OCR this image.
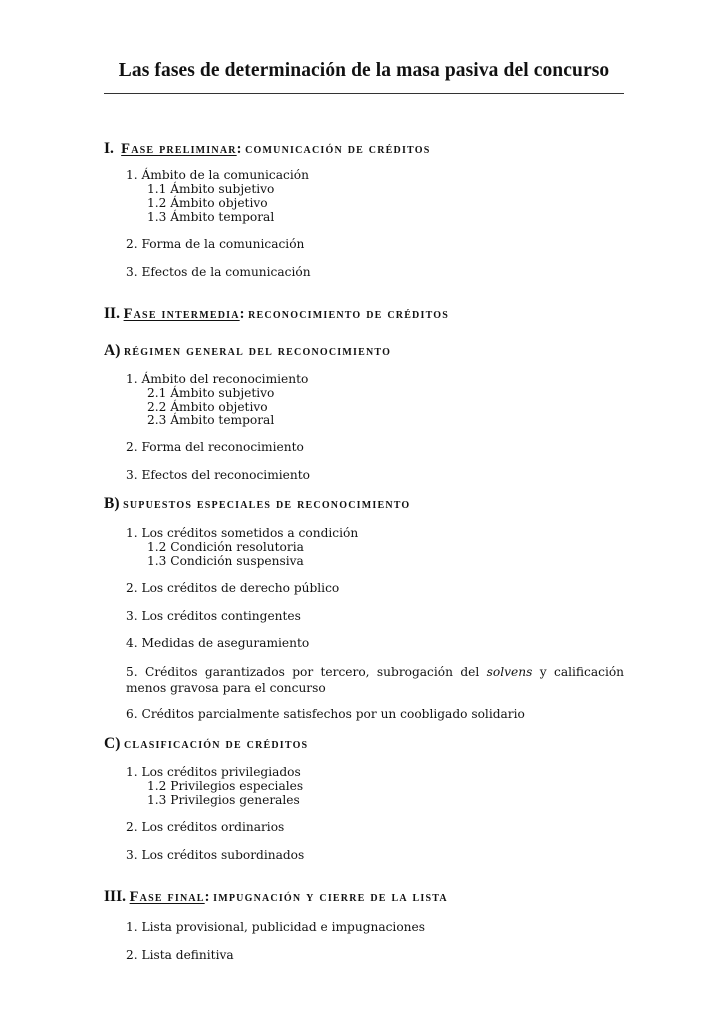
Las fases de determinación de la masa pasiva del concurso
I. Fase preliminar: comunicación de créditos
1. Ámbito de la comunicación
1.1 Ámbito subjetivo
1.2 Ámbito objetivo
1.3 Ámbito temporal
2. Forma de la comunicación
3. Efectos de la comunicación
II. Fase intermedia: reconocimiento de créditos
A) régimen general del reconocimiento
1. Ámbito del reconocimiento
2.1 Ámbito subjetivo
2.2 Ámbito objetivo
2.3 Ámbito temporal
2. Forma del reconocimiento
3. Efectos del reconocimiento
B) supuestos especiales de reconocimiento
1. Los créditos sometidos a condición
1.2 Condición resolutoria
1.3 Condición suspensiva
2. Los créditos de derecho público
3. Los créditos contingentes
4. Medidas de aseguramiento
5. Créditos garantizados por tercero, subrogación del solvens y calificación menos gravosa para el concurso
6. Créditos parcialmente satisfechos por un coobligado solidario
C) clasificación de créditos
1. Los créditos privilegiados
1.2 Privilegios especiales
1.3 Privilegios generales
2. Los créditos ordinarios
3. Los créditos subordinados
III. Fase final: impugnación y cierre de la lista
1. Lista provisional, publicidad e impugnaciones
2. Lista definitiva
